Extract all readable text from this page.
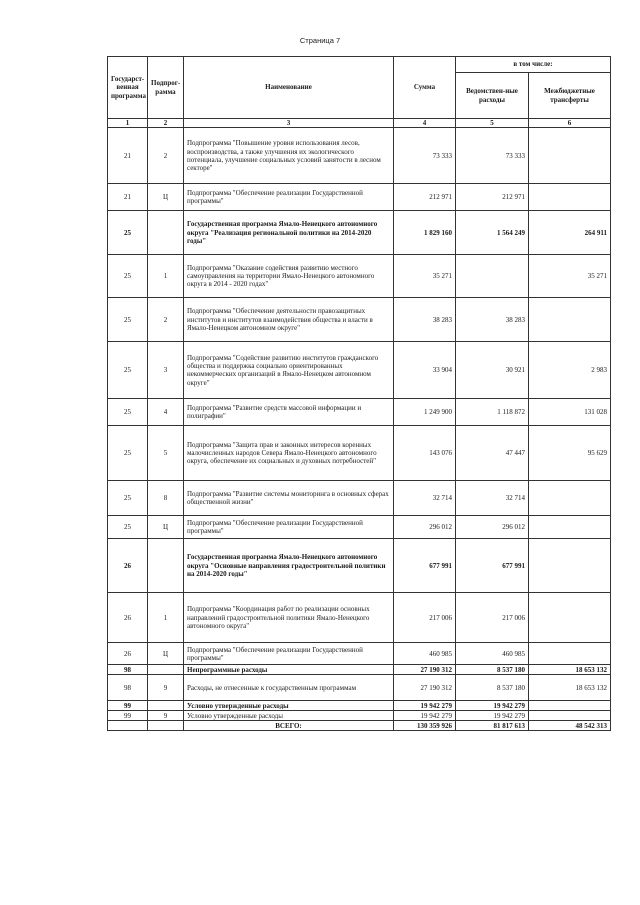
Страница 7
Государст-венная программа	Подпрог-рамма	Наименование	Сумма	в том числе:	
				Ведомствен-ные расходы	Межбюджетные трансферты
1	2	3	4	5	6
21	2	Подпрограмма "Повышение уровня использования лесов, воспроизводства, а также улучшения их экологического потенциала, улучшение социальных условий занятости в лесном секторе"	73 333	73 333	
21	Ц	Подпрограмма "Обеспечение реализации Государственной программы"	212 971	212 971	
25		Государственная программа Ямало-Ненецкого автономного округа "Реализация региональной политики на 2014-2020 годы"	1 829 160	1 564 249	264 911
25	1	Подпрограмма "Оказание содействия развитию местного самоуправления на территории Ямало-Ненецкого автономного округа в 2014 - 2020 годах"	35 271		35 271
25	2	Подпрограмма "Обеспечение деятельности правозащитных институтов и институтов взаимодействия общества и власти в Ямало-Ненецком автономном округе"	38 283	38 283	
25	3	Подпрограмма "Содействие развитию институтов гражданского общества и поддержка социально ориентированных некоммерческих организаций в Ямало-Ненецком автономном округе"	33 904	30 921	2 983
25	4	Подпрограмма "Развитие средств массовой информации и полиграфии"	1 249 900	1 118 872	131 028
25	5	Подпрограмма "Защита прав и законных интересов коренных малочисленных народов Севера Ямало-Ненецкого автономного округа, обеспечение их социальных и духовных потребностей"	143 076	47 447	95 629
25	8	Подпрограмма "Развитие системы мониторинга в основных сферах общественной жизни"	32 714	32 714	
25	Ц	Подпрограмма "Обеспечение реализации Государственной программы"	296 012	296 012	
26		Государственная программа Ямало-Ненецкого автономного округа "Основные направления градостроительной политики на 2014-2020 годы"	677 991	677 991	
26	1	Подпрограмма "Координация работ по реализации основных направлений градостроительной политики Ямало-Ненецкого автономного округа"	217 006	217 006	
26	Ц	Подпрограмма "Обеспечение реализации Государственной программы"	460 985	460 985	
98		Непрограммные расходы	27 190 312	8 537 180	18 653 132
98	9	Расходы, не отнесенные к государственным программам	27 190 312	8 537 180	18 653 132
99		Условно утвержденные расходы	19 942 279	19 942 279	
99	9	Условно утвержденные расходы	19 942 279	19 942 279	
		ВСЕГО:	130 359 926	81 817 613	48 542 313
